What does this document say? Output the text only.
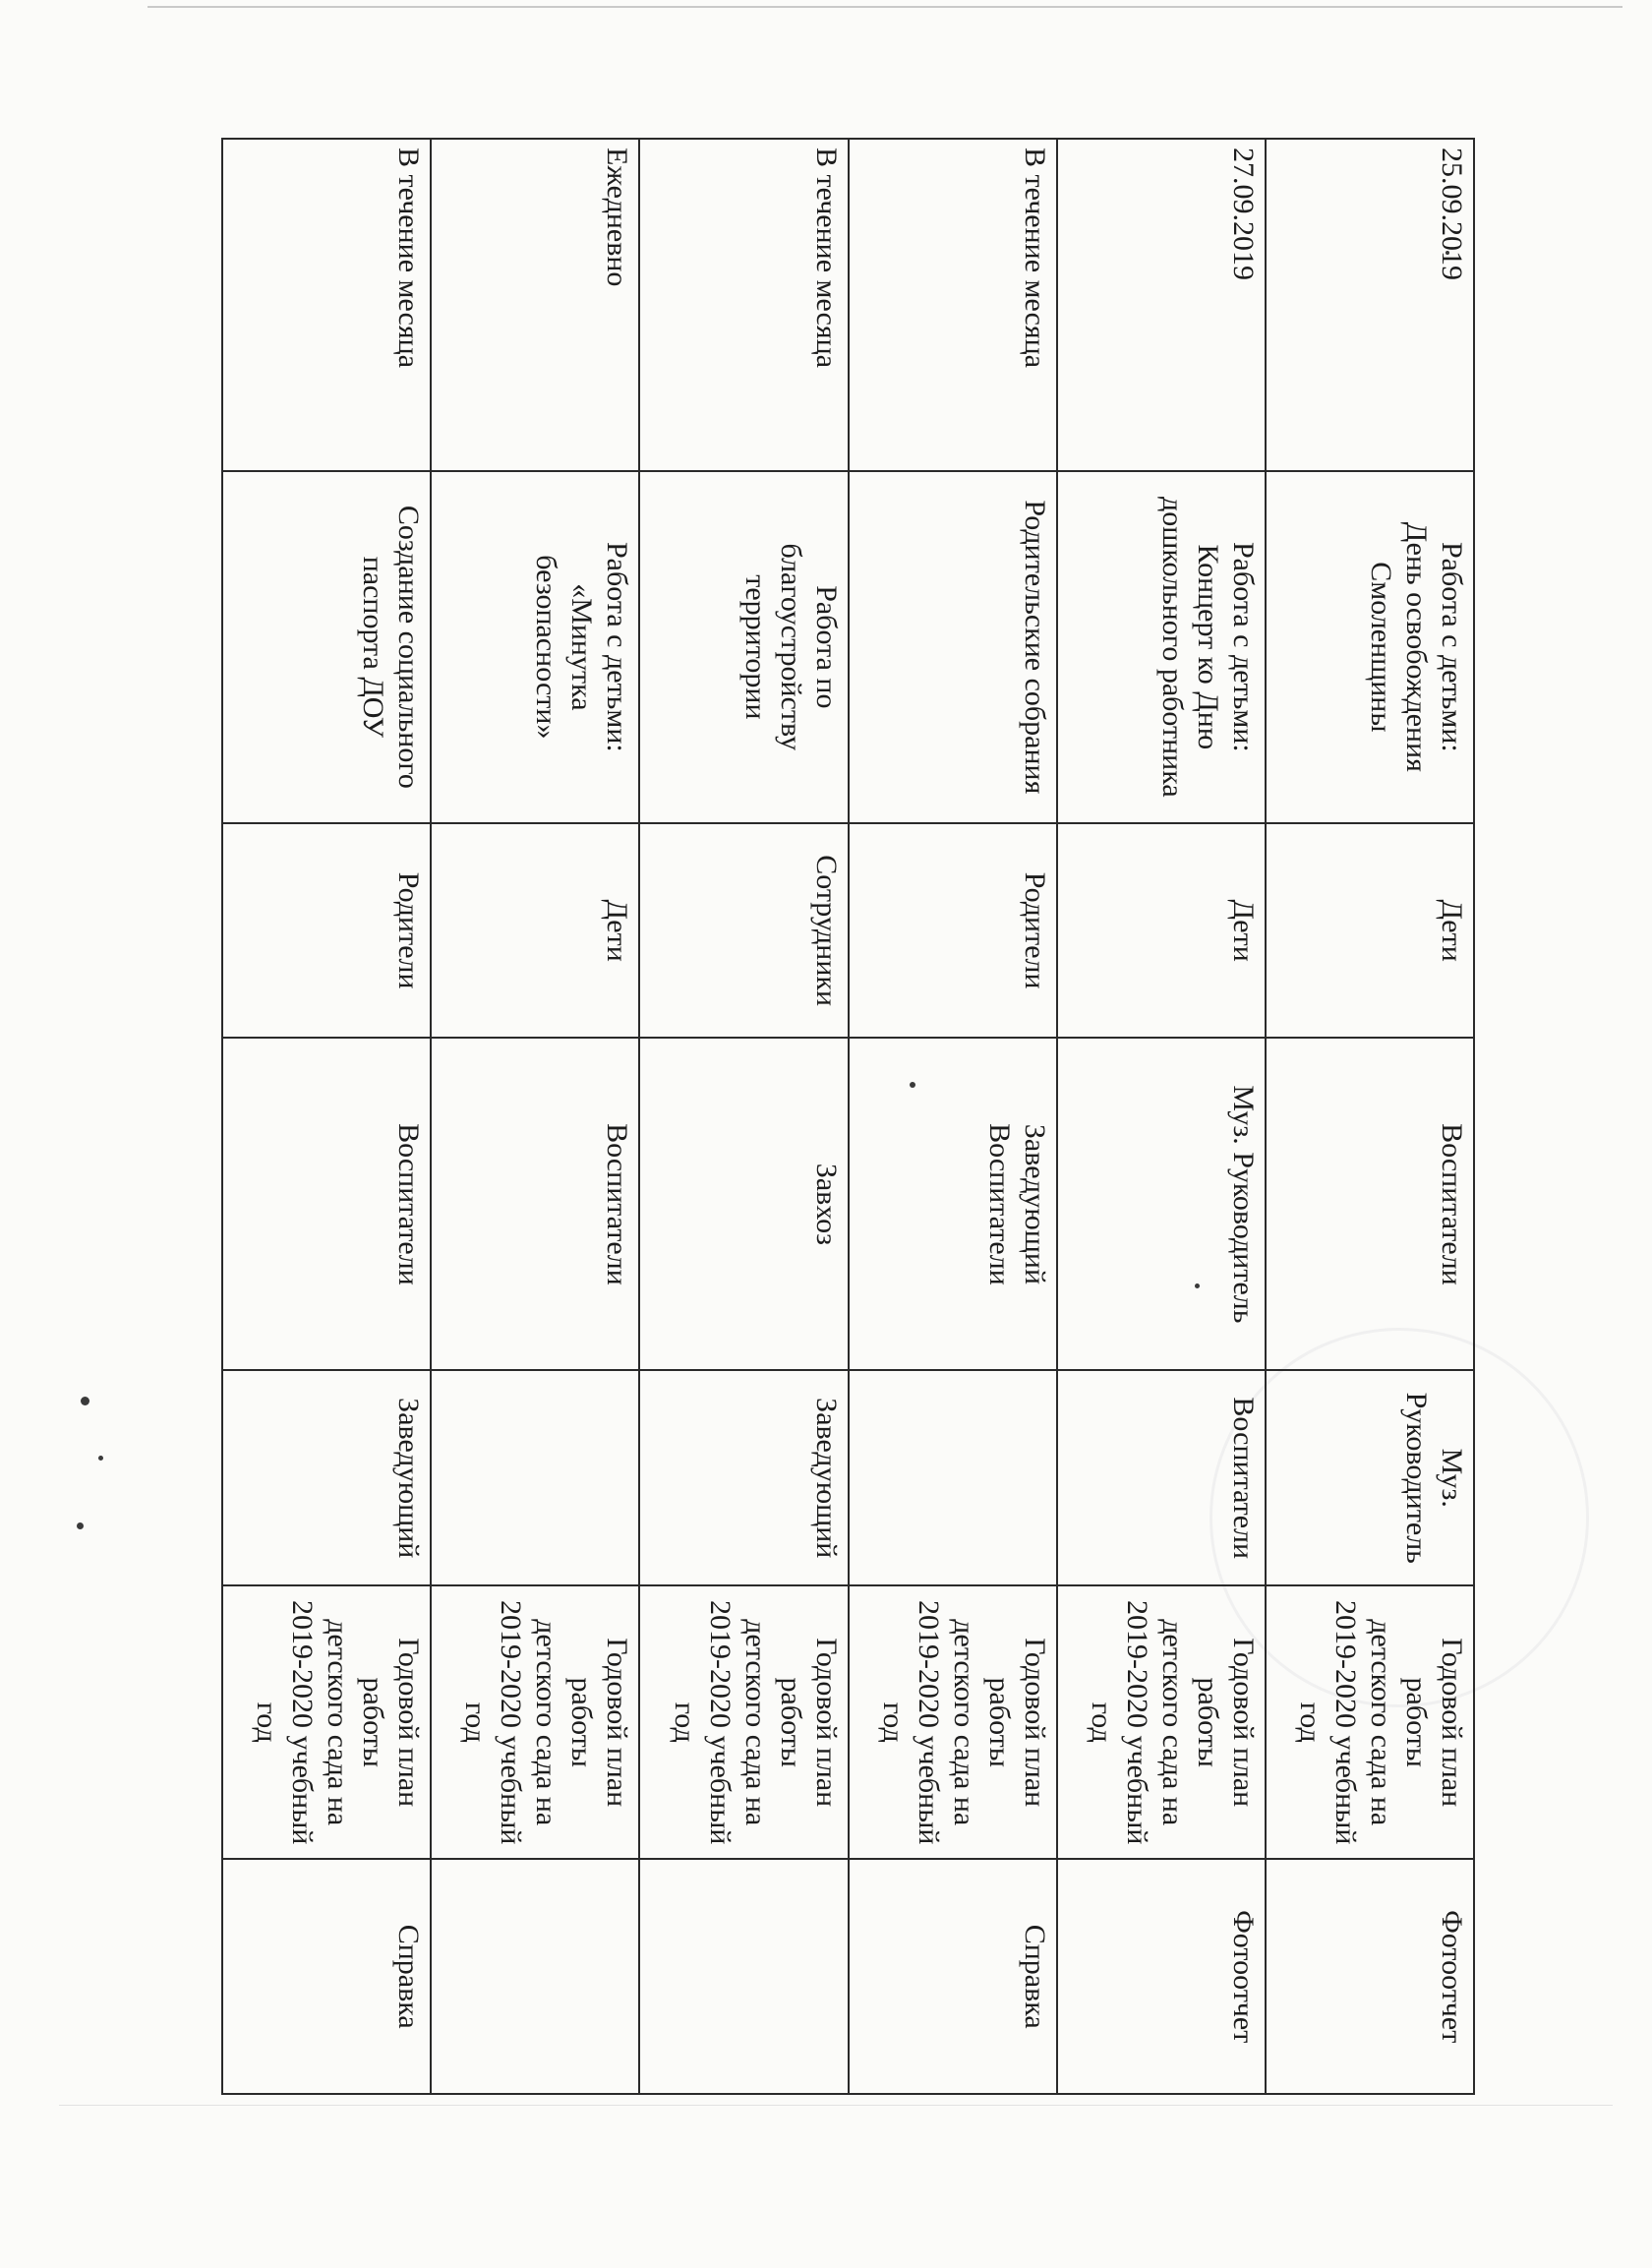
25.09.2019	Работа с детьми:
День освобождения
Смоленщины	Дети	Воспитатели	Муз.
Руководитель	Годовой план работы
детского сада на
2019-2020 учебный
год	Фотоотчет
27.09.2019	Работа с детьми:
Концерт ко Дню
дошкольного работника	Дети	Муз. Руководитель	Воспитатели	Годовой план работы
детского сада на
2019-2020 учебный
год	Фотоотчет
В течение месяца	Родительские собрания	Родители	Заведующий
Воспитатели		Годовой план работы
детского сада на
2019-2020 учебный
год	Справка
В течение месяца	Работа по
благоустройству
территории	Сотрудники	Завхоз	Заведующий	Годовой план работы
детского сада на
2019-2020 учебный
год	

Ежедневно	Работа с детьми:
«Минутка
безопасности»	Дети	Воспитатели		Годовой план работы
детского сада на
2019-2020 учебный
год	

В течение месяца	Создание социального
паспорта ДОУ	Родители	Воспитатели	Заведующий	Годовой план работы
детского сада на
2019-2020 учебный
год	Справка
